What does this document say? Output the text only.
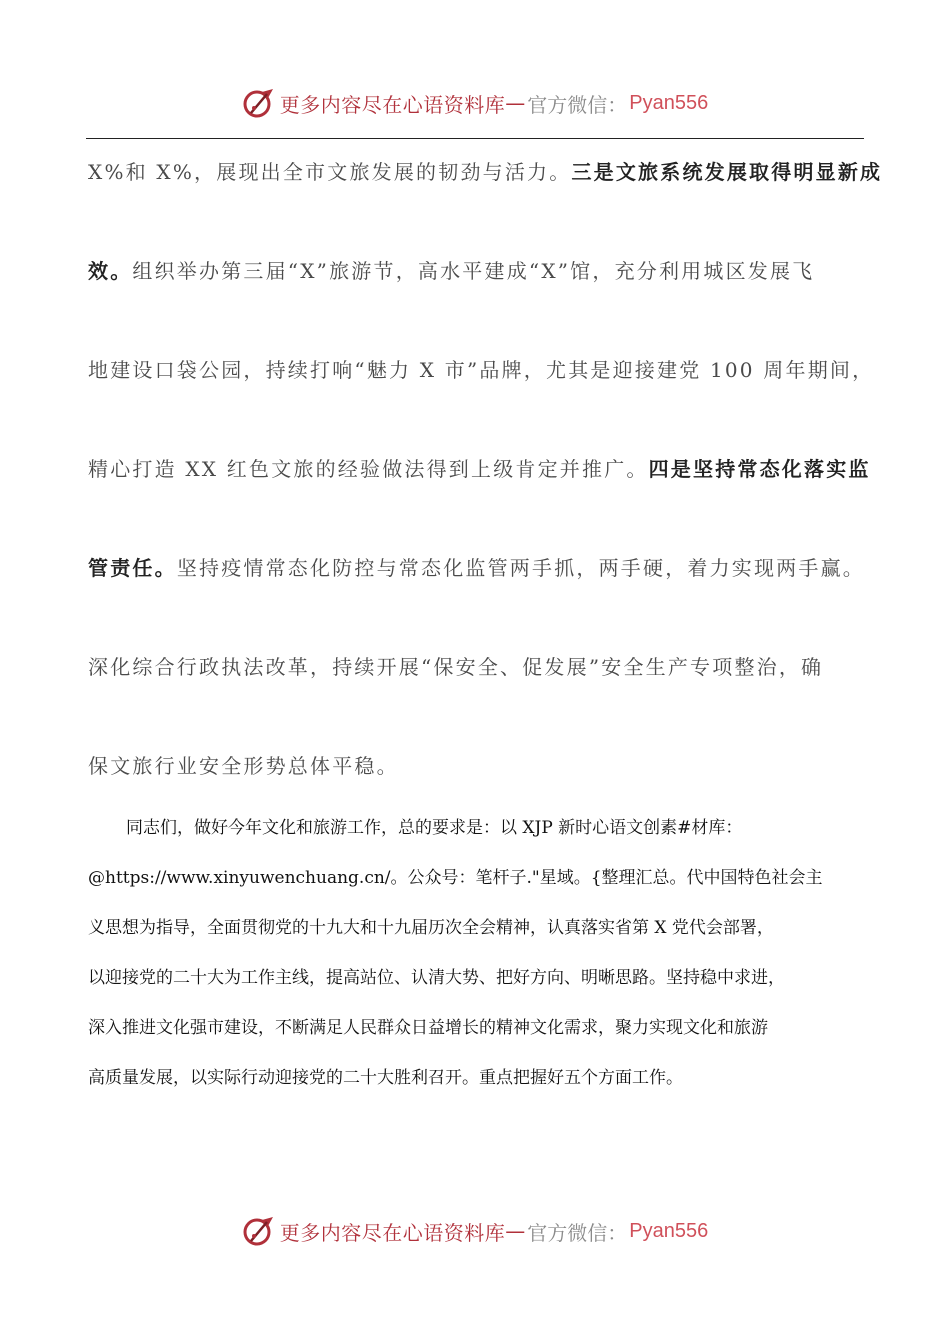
更多内容尽在心语资料库 — 官方微信： Pyan556
X%和 X%，展现出全市文旅发展的韧劲与活力。三是文旅系统发展取得明显新成
效。组织举办第三届“X”旅游节，高水平建成“X”馆，充分利用城区发展飞
地建设口袋公园，持续打响“魅力 X 市”品牌，尤其是迎接建党 100 周年期间，
精心打造 XX 红色文旅的经验做法得到上级肯定并推广。四是坚持常态化落实监
管责任。坚持疫情常态化防控与常态化监管两手抓，两手硬，着力实现两手赢。
深化综合行政执法改革，持续开展“保安全、促发展”安全生产专项整治，确
保文旅行业安全形势总体平稳。
同志们，做好今年文化和旅游工作，总的要求是：以 XJP 新时心语文创素#材库：
@https://www.xinyuwenchuang.cn/。公众号：笔杆子."星域。{整理汇总。代中国特色社会主
义思想为指导，全面贯彻党的十九大和十九届历次全会精神，认真落实省第 X 党代会部署，
以迎接党的二十大为工作主线，提高站位、认清大势、把好方向、明晰思路。坚持稳中求进，
深入推进文化强市建设，不断满足人民群众日益增长的精神文化需求，聚力实现文化和旅游
高质量发展，以实际行动迎接党的二十大胜利召开。重点把握好五个方面工作。
更多内容尽在心语资料库 — 官方微信： Pyan556
